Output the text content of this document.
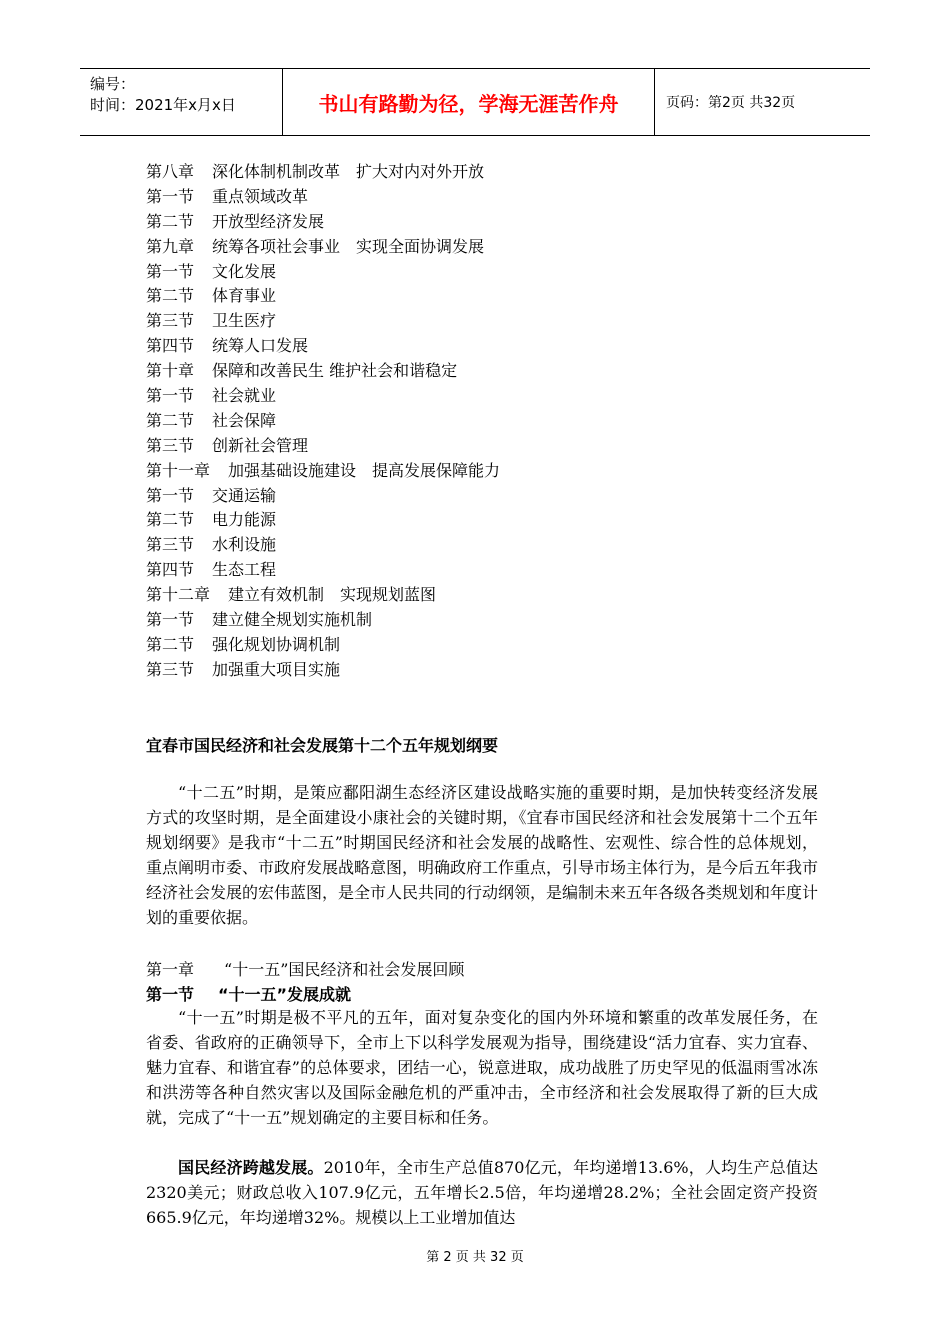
编号：
时间：2021年x月x日	书山有路勤为径，学海无涯苦作舟	页码：第2页 共32页
第八章 深化体制机制改革　扩大对内对外开放
第一节 重点领域改革
第二节 开放型经济发展
第九章 统筹各项社会事业　实现全面协调发展
第一节 文化发展
第二节 体育事业
第三节 卫生医疗
第四节 统筹人口发展
第十章 保障和改善民生 维护社会和谐稳定
第一节 社会就业
第二节 社会保障
第三节 创新社会管理
第十一章 加强基础设施建设　提高发展保障能力
第一节 交通运输
第二节 电力能源
第三节 水利设施
第四节 生态工程
第十二章 建立有效机制　实现规划蓝图
第一节 建立健全规划实施机制
第二节 强化规划协调机制
第三节 加强重大项目实施
宜春市国民经济和社会发展第十二个五年规划纲要

“十二五”时期，是策应鄱阳湖生态经济区建设战略实施的重要时期，是加快转变经济发展方式的攻坚时期，是全面建设小康社会的关键时期，《宜春市国民经济和社会发展第十二个五年规划纲要》是我市“十二五”时期国民经济和社会发展的战略性、宏观性、综合性的总体规划，重点阐明市委、市政府发展战略意图，明确政府工作重点，引导市场主体行为，是今后五年我市经济社会发展的宏伟蓝图，是全市人民共同的行动纲领，是编制未来五年各级各类规划和年度计划的重要依据。

第一章 “十一五”国民经济和社会发展回顾
第一节 “十一五”发展成就

“十一五”时期是极不平凡的五年，面对复杂变化的国内外环境和繁重的改革发展任务，在省委、省政府的正确领导下，全市上下以科学发展观为指导，围绕建设“活力宜春、实力宜春、魅力宜春、和谐宜春”的总体要求，团结一心，锐意进取，成功战胜了历史罕见的低温雨雪冰冻和洪涝等各种自然灾害以及国际金融危机的严重冲击，全市经济和社会发展取得了新的巨大成就，完成了“十一五”规划确定的主要目标和任务。

国民经济跨越发展。2010年，全市生产总值870亿元，年均递增13.6%，人均生产总值达2320美元；财政总收入107.9亿元，五年增长2.5倍，年均递增28.2%；全社会固定资产投资665.9亿元，年均递增32%。规模以上工业增加值达

第 2 页 共 32 页
